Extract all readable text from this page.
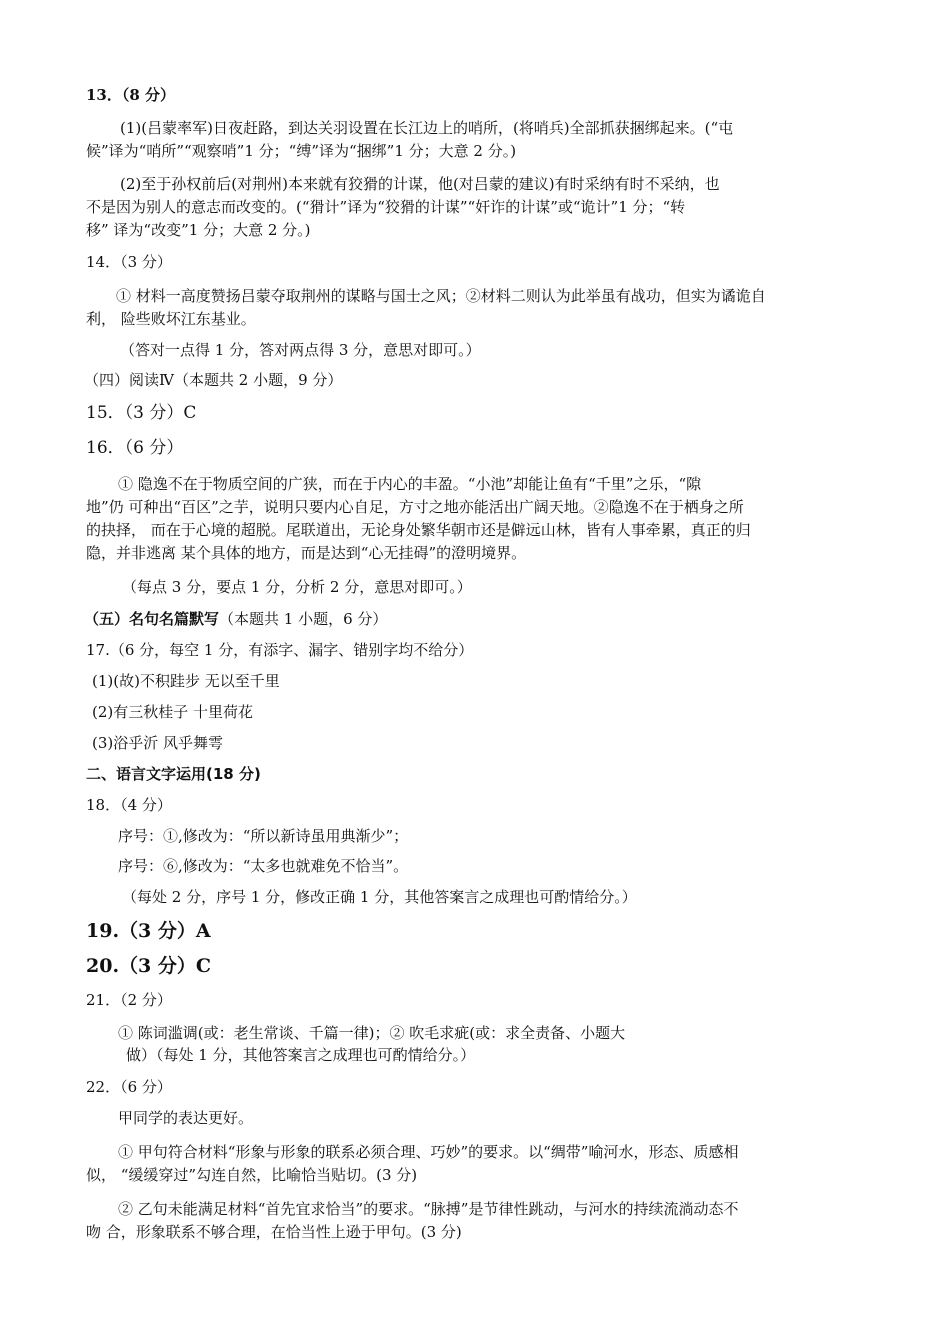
13．（8 分）
(1)(吕蒙率军)日夜赶路，到达关羽设置在长江边上的哨所，(将哨兵)全部抓获捆绑起来。(“屯
候”译为“哨所”“观察哨”1 分；“缚”译为“捆绑”1 分；大意 2 分。)
(2)至于孙权前后(对荆州)本来就有狡猾的计谋，他(对吕蒙的建议)有时采纳有时不采纳，也
不是因为别人的意志而改变的。(“猾计”译为“狡猾的计谋”“奸诈的计谋”或“诡计”1 分；“转
移” 译为“改变”1 分；大意 2 分。)
14．（3 分）
① 材料一高度赞扬吕蒙夺取荆州的谋略与国士之风；②材料二则认为此举虽有战功，但实为谲诡自
利， 险些败坏江东基业。
（答对一点得 1 分，答对两点得 3 分，意思对即可。）
（四）阅读Ⅳ（本题共 2 小题，9 分）
15．（3 分）C
16．（6 分）
① 隐逸不在于物质空间的广狭，而在于内心的丰盈。“小池”却能让鱼有“千里”之乐，“隙
地”仍 可种出“百区”之芋，说明只要内心自足，方寸之地亦能活出广阔天地。②隐逸不在于栖身之所
的抉择， 而在于心境的超脱。尾联道出，无论身处繁华朝市还是僻远山林，皆有人事牵累，真正的归
隐，并非逃离 某个具体的地方，而是达到“心无挂碍”的澄明境界。
（每点 3 分，要点 1 分，分析 2 分，意思对即可。）
（五）名句名篇默写（本题共 1 小题，6 分）
17.（6 分，每空 1 分，有添字、漏字、错别字均不给分）
(1)(故)不积跬步 无以至千里
(2)有三秋桂子 十里荷花
(3)浴乎沂 风乎舞雩
二、语言文字运用(18 分)
18．（4 分）
序号：①,修改为：“所以新诗虽用典渐少”；
序号：⑥,修改为：“太多也就难免不恰当”。
（每处 2 分，序号 1 分，修改正确 1 分，其他答案言之成理也可酌情给分。）
19.（3 分）A
20.（3 分）C
21．（2 分）
① 陈词滥调(或：老生常谈、千篇一律)；② 吹毛求疵(或：求全责备、小题大
做）（每处 1 分，其他答案言之成理也可酌情给分。）
22．（6 分）
甲同学的表达更好。
① 甲句符合材料“形象与形象的联系必须合理、巧妙”的要求。以“绸带”喻河水，形态、质感相
似， “缓缓穿过”勾连自然，比喻恰当贴切。(3 分)
② 乙句未能满足材料“首先宜求恰当”的要求。“脉搏”是节律性跳动，与河水的持续流淌动态不
吻 合，形象联系不够合理，在恰当性上逊于甲句。(3 分)
